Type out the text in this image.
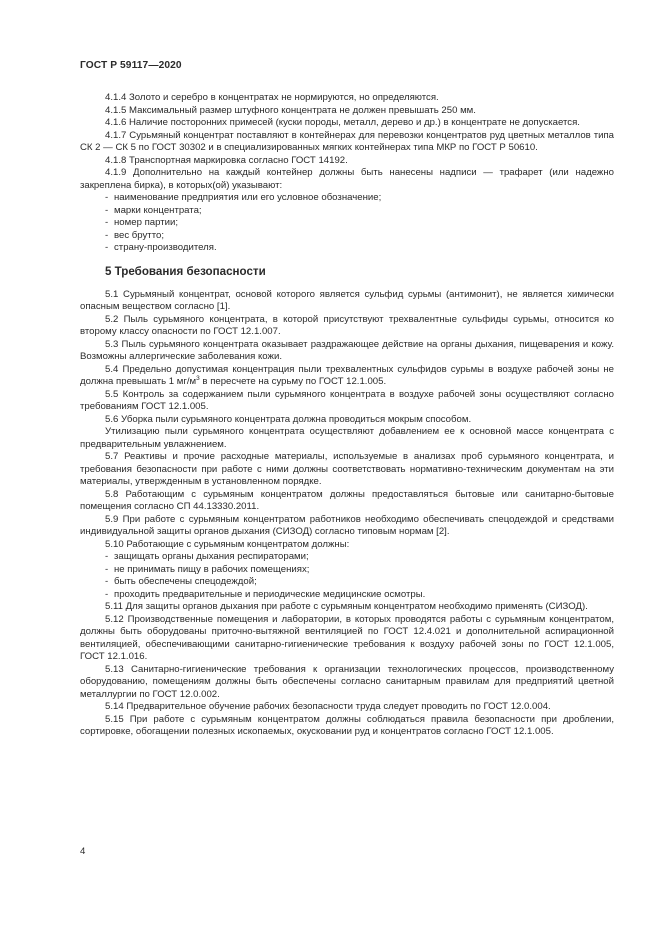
ГОСТ Р 59117—2020

4.1.4 Золото и серебро в концентратах не нормируются, но определяются.

4.1.5 Максимальный размер штуфного концентрата не должен превышать 250 мм.

4.1.6 Наличие посторонних примесей (куски породы, металл, дерево и др.) в концентрате не допускается.

4.1.7 Сурьмяный концентрат поставляют в контейнерах для перевозки концентратов руд цветных металлов типа СК 2 — СК 5 по ГОСТ 30302 и в специализированных мягких контейнерах типа МКР по ГОСТ Р 50610.

4.1.8 Транспортная маркировка согласно ГОСТ 14192.

4.1.9 Дополнительно на каждый контейнер должны быть нанесены надписи — трафарет (или надежно закреплена бирка), в которых(ой) указывают:

- наименование предприятия или его условное обозначение;

- марки концентрата;

- номер партии;

- вес брутто;

- страну-производителя.

5 Требования безопасности

5.1 Сурьмяный концентрат, основой которого является сульфид сурьмы (антимонит), не является химически опасным веществом согласно [1].

5.2 Пыль сурьмяного концентрата, в которой присутствуют трехвалентные сульфиды сурьмы, относится ко второму классу опасности по ГОСТ 12.1.007.

5.3 Пыль сурьмяного концентрата оказывает раздражающее действие на органы дыхания, пищеварения и кожу. Возможны аллергические заболевания кожи.

5.4 Предельно допустимая концентрация пыли трехвалентных сульфидов сурьмы в воздухе рабочей зоны не должна превышать 1 $мг/м^3$ в пересчете на сурьму по ГОСТ 12.1.005.

5.5 Контроль за содержанием пыли сурьмяного концентрата в воздухе рабочей зоны осуществляют согласно требованиям ГОСТ 12.1.005.

5.6 Уборка пыли сурьмяного концентрата должна проводиться мокрым способом.

Утилизацию пыли сурьмяного концентрата осуществляют добавлением ее к основной массе концентрата с предварительным увлажнением.

5.7 Реактивы и прочие расходные материалы, используемые в анализах проб сурьмяного концентрата, и требования безопасности при работе с ними должны соответствовать нормативно-техническим документам на эти материалы, утвержденным в установленном порядке.

5.8 Работающим с сурьмяным концентратом должны предоставляться бытовые или санитарно-бытовые помещения согласно СП 44.13330.2011.

5.9 При работе с сурьмяным концентратом работников необходимо обеспечивать спецодеждой и средствами индивидуальной защиты органов дыхания (СИЗОД) согласно типовым нормам [2].

5.10 Работающие с сурьмяным концентратом должны:

- защищать органы дыхания респираторами;

- не принимать пищу в рабочих помещениях;

- быть обеспечены спецодеждой;

- проходить предварительные и периодические медицинские осмотры.

5.11 Для защиты органов дыхания при работе с сурьмяным концентратом необходимо применять (СИЗОД).

5.12 Производственные помещения и лаборатории, в которых проводятся работы с сурьмяным концентратом, должны быть оборудованы приточно-вытяжной вентиляцией по ГОСТ 12.4.021 и дополнительной аспирационной вентиляцией, обеспечивающими санитарно-гигиенические требования к воздуху рабочей зоны по ГОСТ 12.1.005, ГОСТ 12.1.016.

5.13 Санитарно-гигиенические требования к организации технологических процессов, производственному оборудованию, помещениям должны быть обеспечены согласно санитарным правилам для предприятий цветной металлургии по ГОСТ 12.0.002.

5.14 Предварительное обучение рабочих безопасности труда следует проводить по ГОСТ 12.0.004.

5.15 При работе с сурьмяным концентратом должны соблюдаться правила безопасности при дроблении, сортировке, обогащении полезных ископаемых, окусковании руд и концентратов согласно ГОСТ 12.1.005.

4
